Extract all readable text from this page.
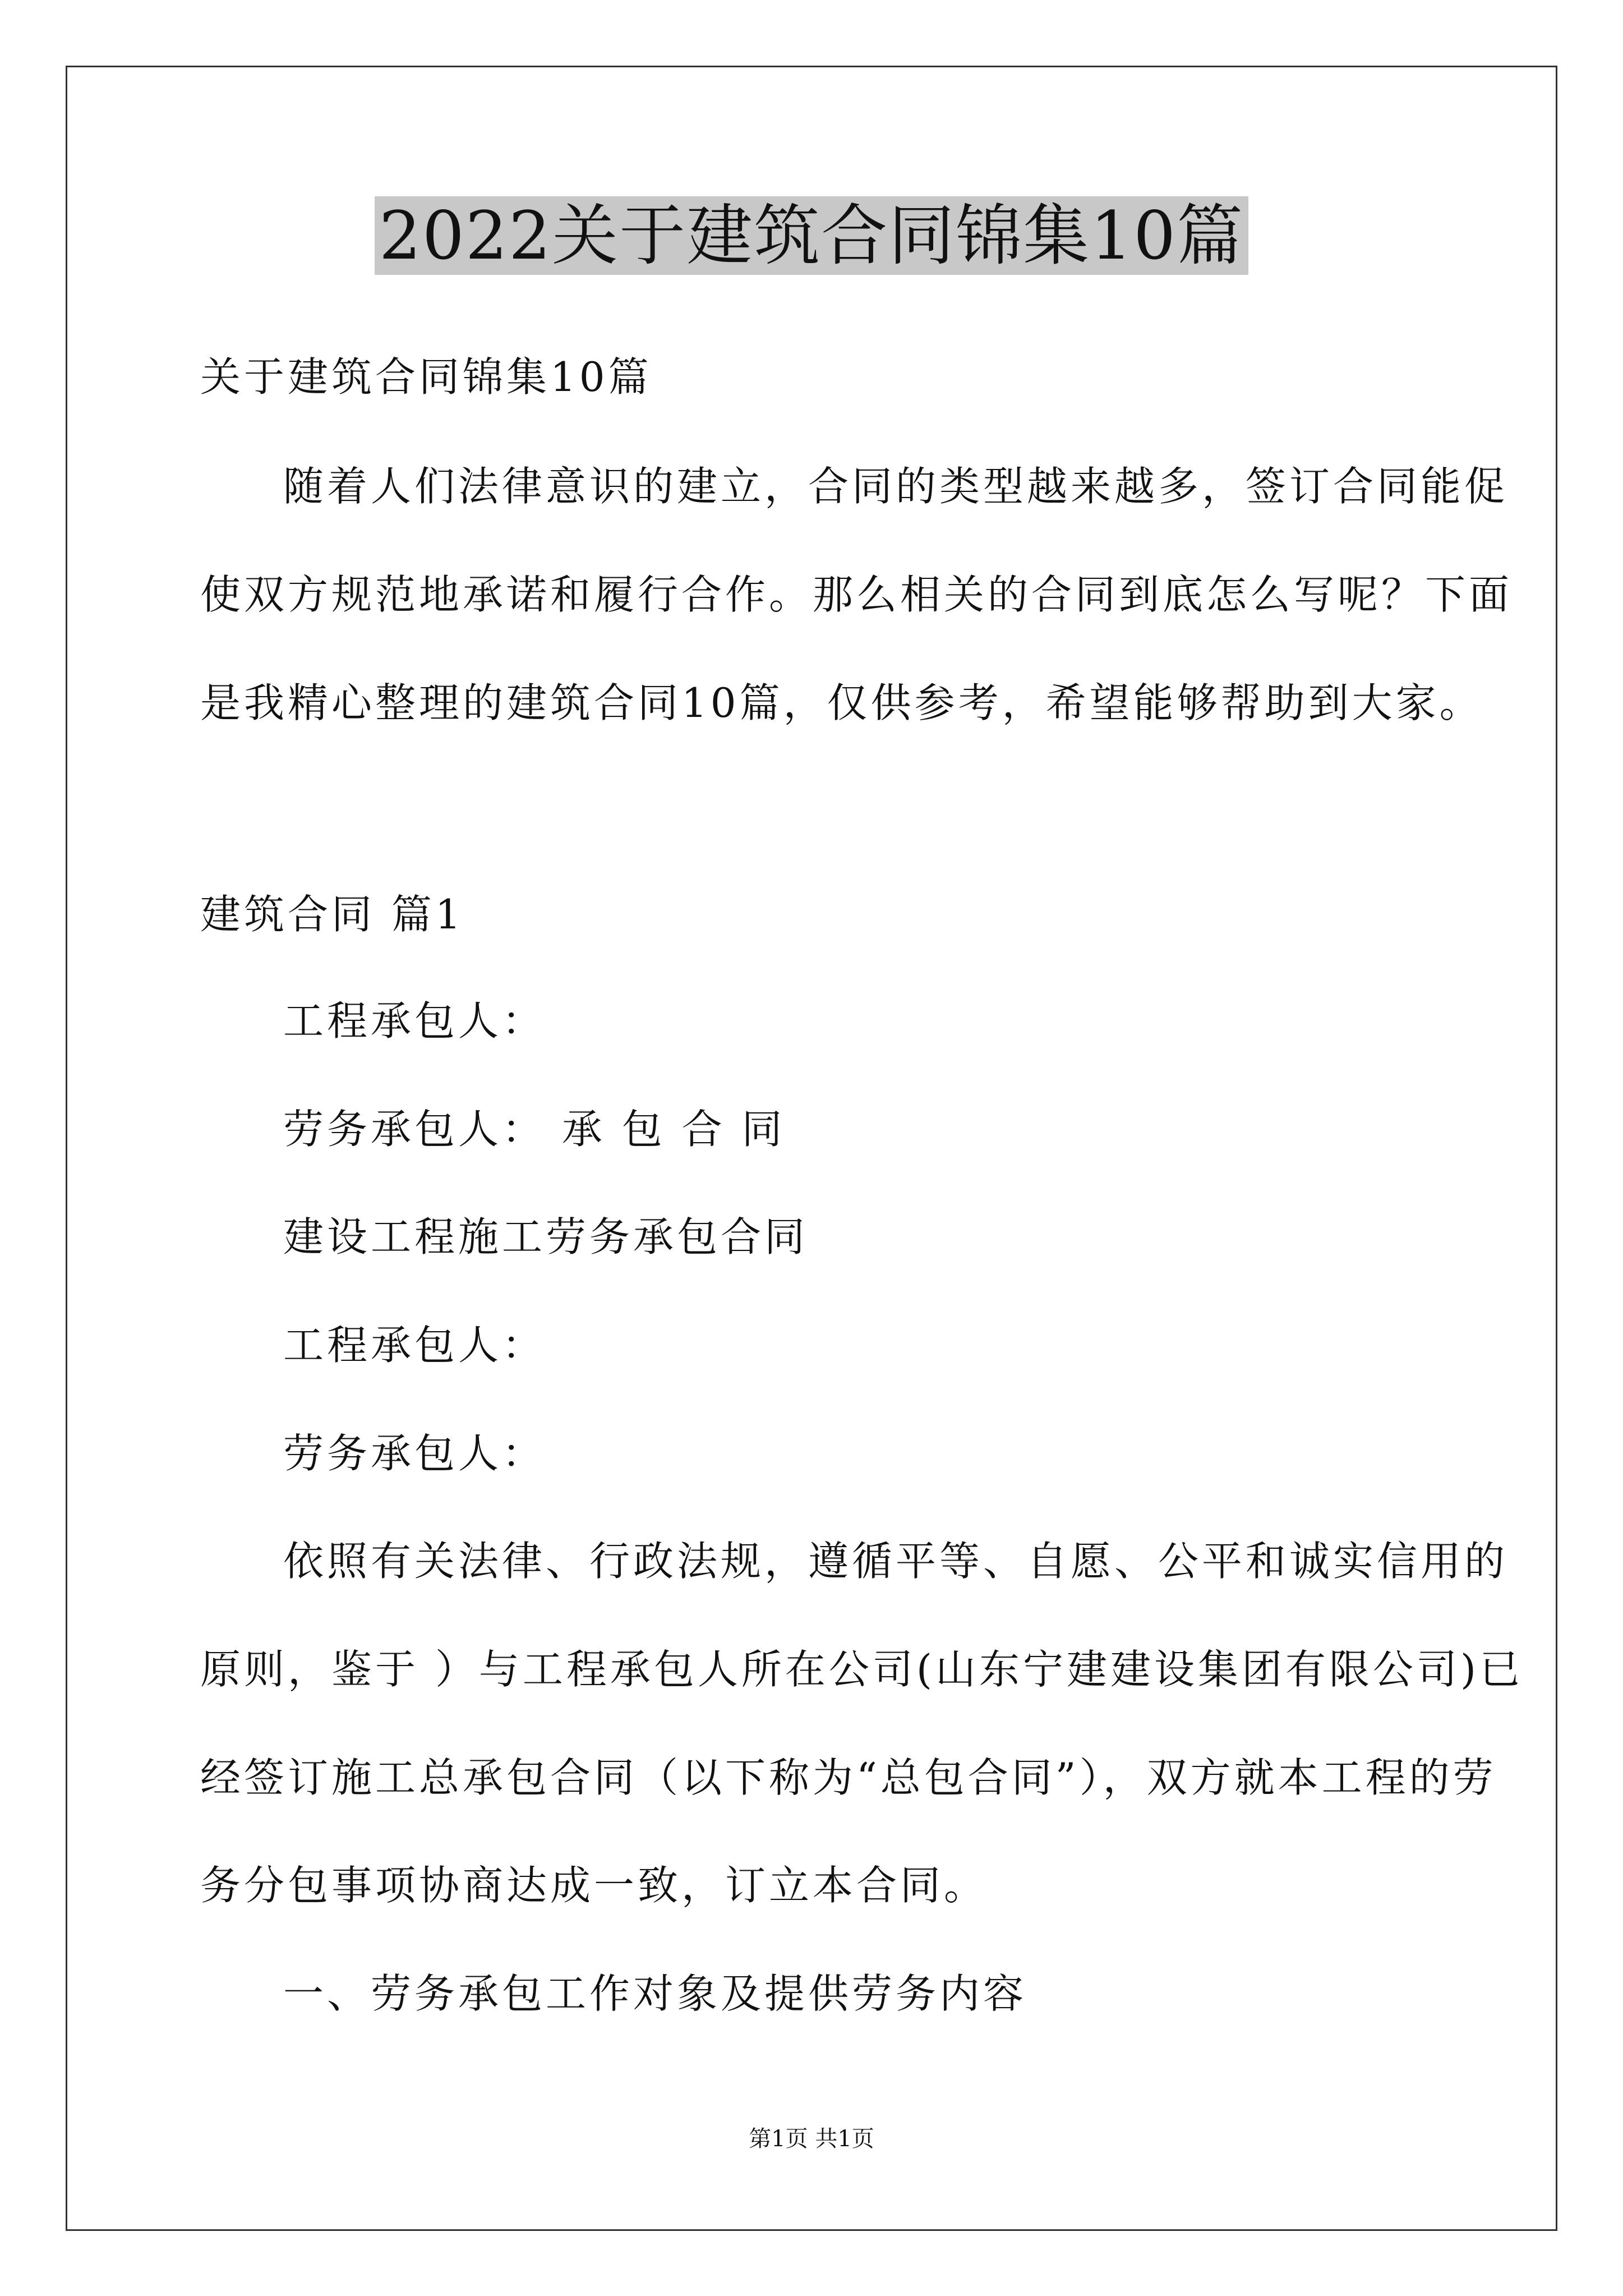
2022关于建筑合同锦集10篇
关于建筑合同锦集10篇
随着人们法律意识的建立，合同的类型越来越多，签订合同能促
使双方规范地承诺和履行合作。那么相关的合同到底怎么写呢？下面
是我精心整理的建筑合同10篇，仅供参考，希望能够帮助到大家。
建筑合同 篇1
工程承包人：
劳务承包人： 承 包 合 同
建设工程施工劳务承包合同
工程承包人：
劳务承包人：
依照有关法律、行政法规，遵循平等、自愿、公平和诚实信用的
原则，鉴于 ）与工程承包人所在公司(山东宁建建设集团有限公司)已
经签订施工总承包合同（以下称为“总包合同”），双方就本工程的劳
务分包事项协商达成一致，订立本合同。
一、劳务承包工作对象及提供劳务内容
第1页 共1页
